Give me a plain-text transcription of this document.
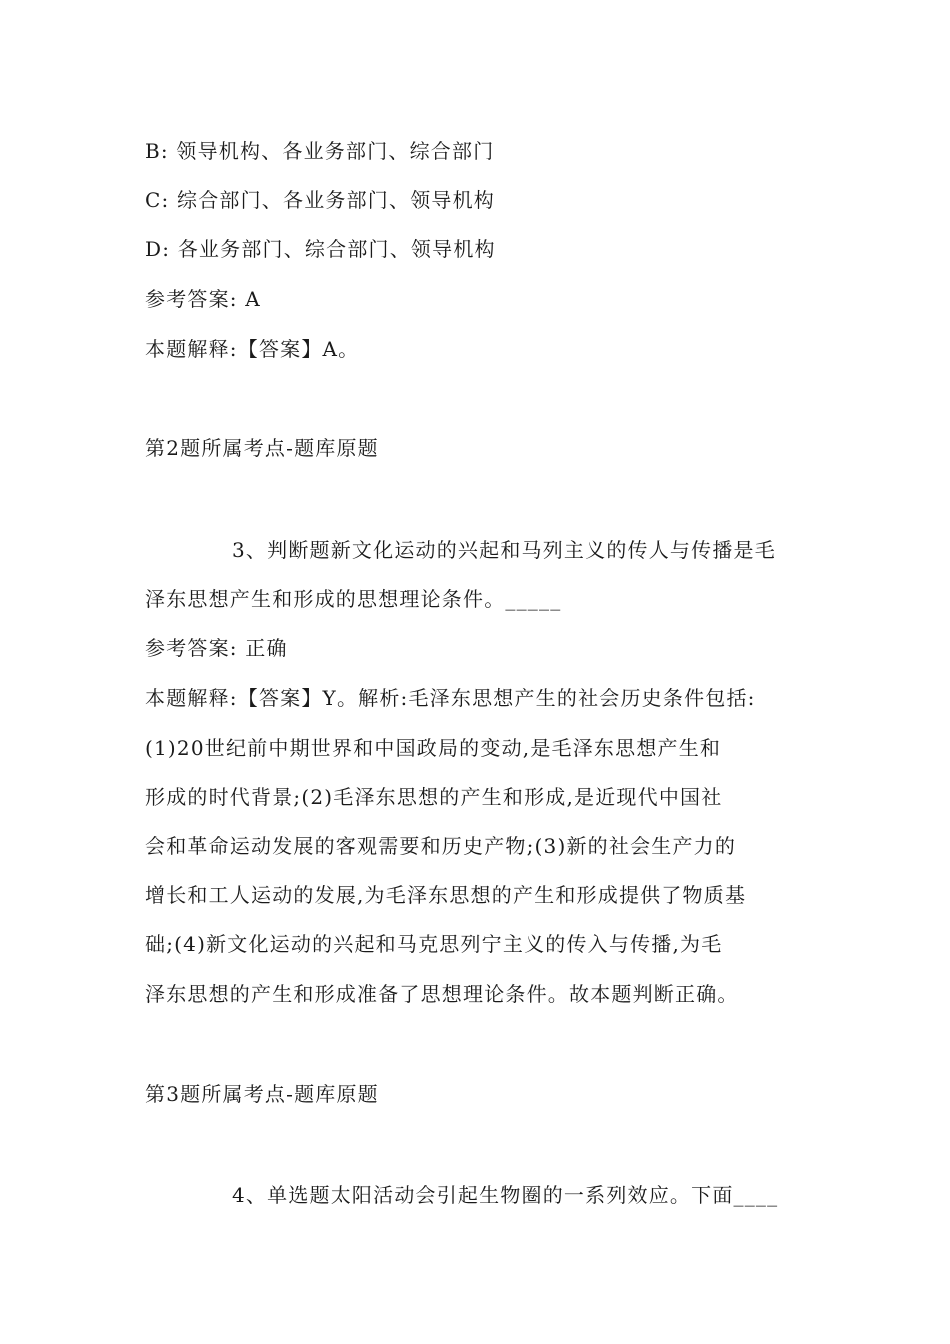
B: 领导机构、各业务部门、综合部门
C: 综合部门、各业务部门、领导机构
D: 各业务部门、综合部门、领导机构
参考答案: A
本题解释:【答案】A。
第2题所属考点-题库原题
3、判断题新文化运动的兴起和马列主义的传人与传播是毛
泽东思想产生和形成的思想理论条件。_____
参考答案: 正确
本题解释:【答案】Y。解析:毛泽东思想产生的社会历史条件包括:
(1)20世纪前中期世界和中国政局的变动,是毛泽东思想产生和
形成的时代背景;(2)毛泽东思想的产生和形成,是近现代中国社
会和革命运动发展的客观需要和历史产物;(3)新的社会生产力的
增长和工人运动的发展,为毛泽东思想的产生和形成提供了物质基
础;(4)新文化运动的兴起和马克思列宁主义的传入与传播,为毛
泽东思想的产生和形成准备了思想理论条件。故本题判断正确。
第3题所属考点-题库原题
4、单选题太阳活动会引起生物圈的一系列效应。下面____
